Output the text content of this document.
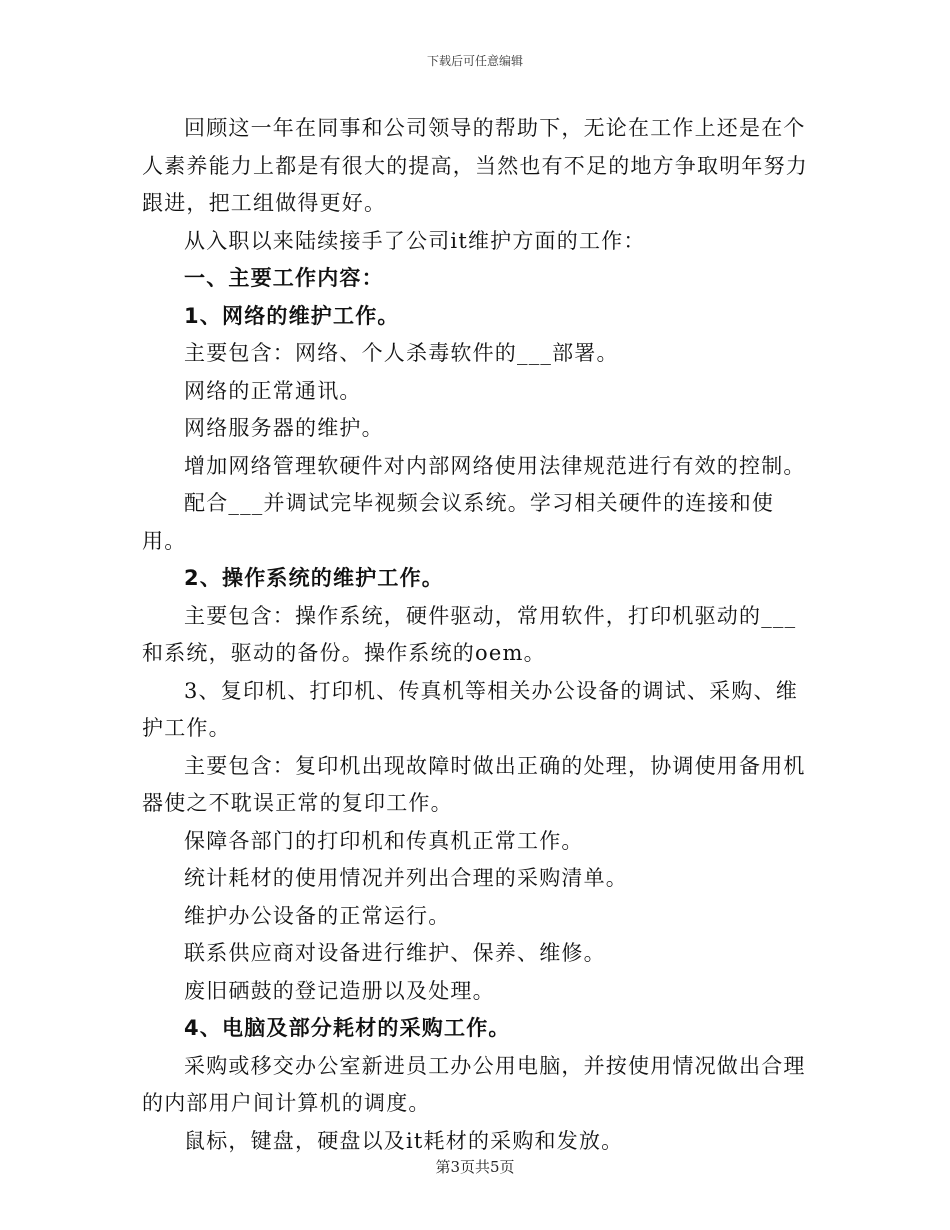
下载后可任意编辑

回顾这一年在同事和公司领导的帮助下，无论在工作上还是在个人素养能力上都是有很大的提高，当然也有不足的地方争取明年努力跟进，把工组做得更好。

从入职以来陆续接手了公司it维护方面的工作：

一、主要工作内容：

1、网络的维护工作。

主要包含：网络、个人杀毒软件的___部署。

网络的正常通讯。

网络服务器的维护。

增加网络管理软硬件对内部网络使用法律规范进行有效的控制。

配合___并调试完毕视频会议系统。学习相关硬件的连接和使用。

2、操作系统的维护工作。

主要包含：操作系统，硬件驱动，常用软件，打印机驱动的___和系统，驱动的备份。操作系统的oem。

3、复印机、打印机、传真机等相关办公设备的调试、采购、维护工作。

主要包含：复印机出现故障时做出正确的处理，协调使用备用机器使之不耽误正常的复印工作。

保障各部门的打印机和传真机正常工作。

统计耗材的使用情况并列出合理的采购清单。

维护办公设备的正常运行。

联系供应商对设备进行维护、保养、维修。

废旧硒鼓的登记造册以及处理。

4、电脑及部分耗材的采购工作。

采购或移交办公室新进员工办公用电脑，并按使用情况做出合理的内部用户间计算机的调度。

鼠标，键盘，硬盘以及it耗材的采购和发放。

第3页共5页
